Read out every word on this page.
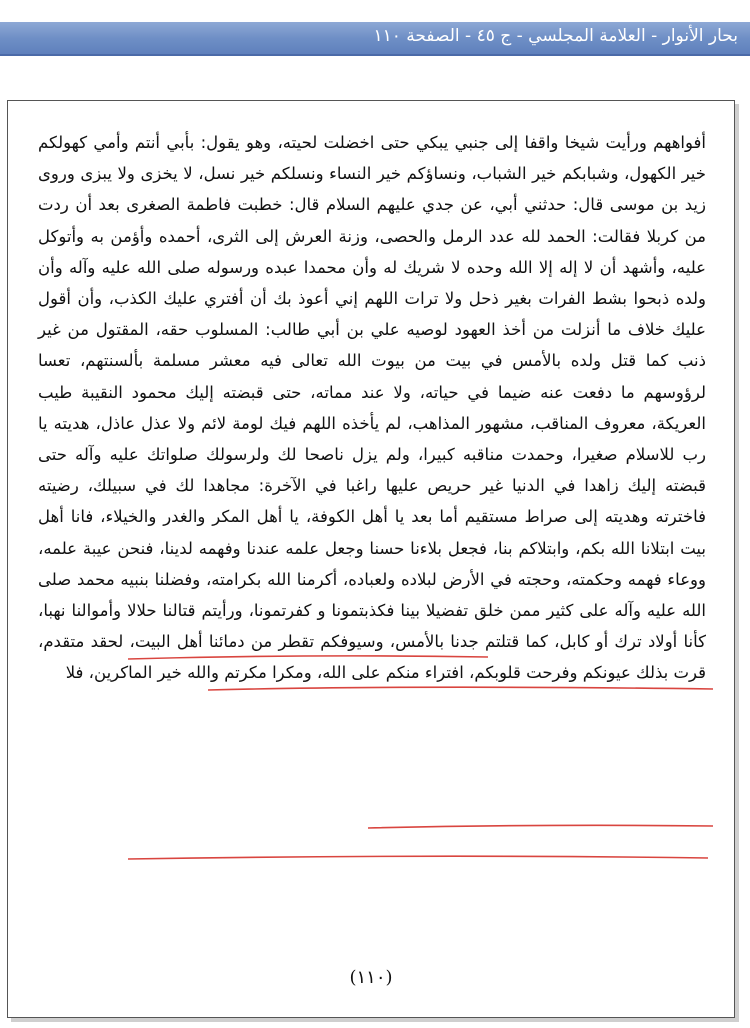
بحار الأنوار - العلامة المجلسي - ج ٤٥ - الصفحة ١١٠

أفواههم ورأيت شيخا واقفا إلى جنبي يبكي حتى اخضلت لحيته، وهو يقول: بأبي أنتم وأمي كهولكم خير الكهول، وشبابكم خير الشباب، ونساؤكم خير النساء ونسلكم خير نسل، لا يخزى ولا يبزى وروى زيد بن موسى قال: حدثني أبي، عن جدي عليهم السلام قال: خطبت فاطمة الصغرى بعد أن ردت من كربلا فقالت: الحمد لله عدد الرمل والحصى، وزنة العرش إلى الثرى، أحمده وأؤمن به وأتوكل عليه، وأشهد أن لا إله إلا الله وحده لا شريك له وأن محمدا عبده ورسوله صلى الله عليه وآله وأن ولده ذبحوا بشط الفرات بغير ذحل ولا ترات اللهم إني أعوذ بك أن أفتري عليك الكذب، وأن أقول عليك خلاف ما أنزلت من أخذ العهود لوصيه علي بن أبي طالب: المسلوب حقه، المقتول من غير ذنب كما قتل ولده بالأمس في بيت من بيوت الله تعالى فيه معشر مسلمة بألسنتهم، تعسا لرؤوسهم ما دفعت عنه ضيما في حياته، ولا عند مماته، حتى قبضته إليك محمود النقيبة طيب العريكة، معروف المناقب، مشهور المذاهب، لم يأخذه اللهم فيك لومة لائم ولا عذل عاذل، هديته يا رب للاسلام صغيرا، وحمدت مناقبه كبيرا، ولم يزل ناصحا لك ولرسولك صلواتك عليه وآله حتى قبضته إليك زاهدا في الدنيا غير حريص عليها راغبا في الآخرة: مجاهدا لك في سبيلك، رضيته فاخترته وهديته إلى صراط مستقيم أما بعد يا أهل الكوفة، يا أهل المكر والغدر والخيلاء، فانا أهل بيت ابتلانا الله بكم، وابتلاكم بنا، فجعل بلاءنا حسنا وجعل علمه عندنا وفهمه لدينا، فنحن عيبة علمه، ووعاء فهمه وحكمته، وحجته في الأرض لبلاده ولعباده، أكرمنا الله بكرامته، وفضلنا بنبيه محمد صلى الله عليه وآله على كثير ممن خلق تفضيلا بينا فكذبتمونا و كفرتمونا، ورأيتم قتالنا حلالا وأموالنا نهبا، كأنا أولاد ترك أو كابل، كما قتلتم جدنا بالأمس، وسيوفكم تقطر من دمائنا أهل البيت، لحقد متقدم، قرت بذلك عيونكم وفرحت قلوبكم، افتراء منكم على الله، ومكرا مكرتم والله خير الماكرين، فلا

(١١٠)
